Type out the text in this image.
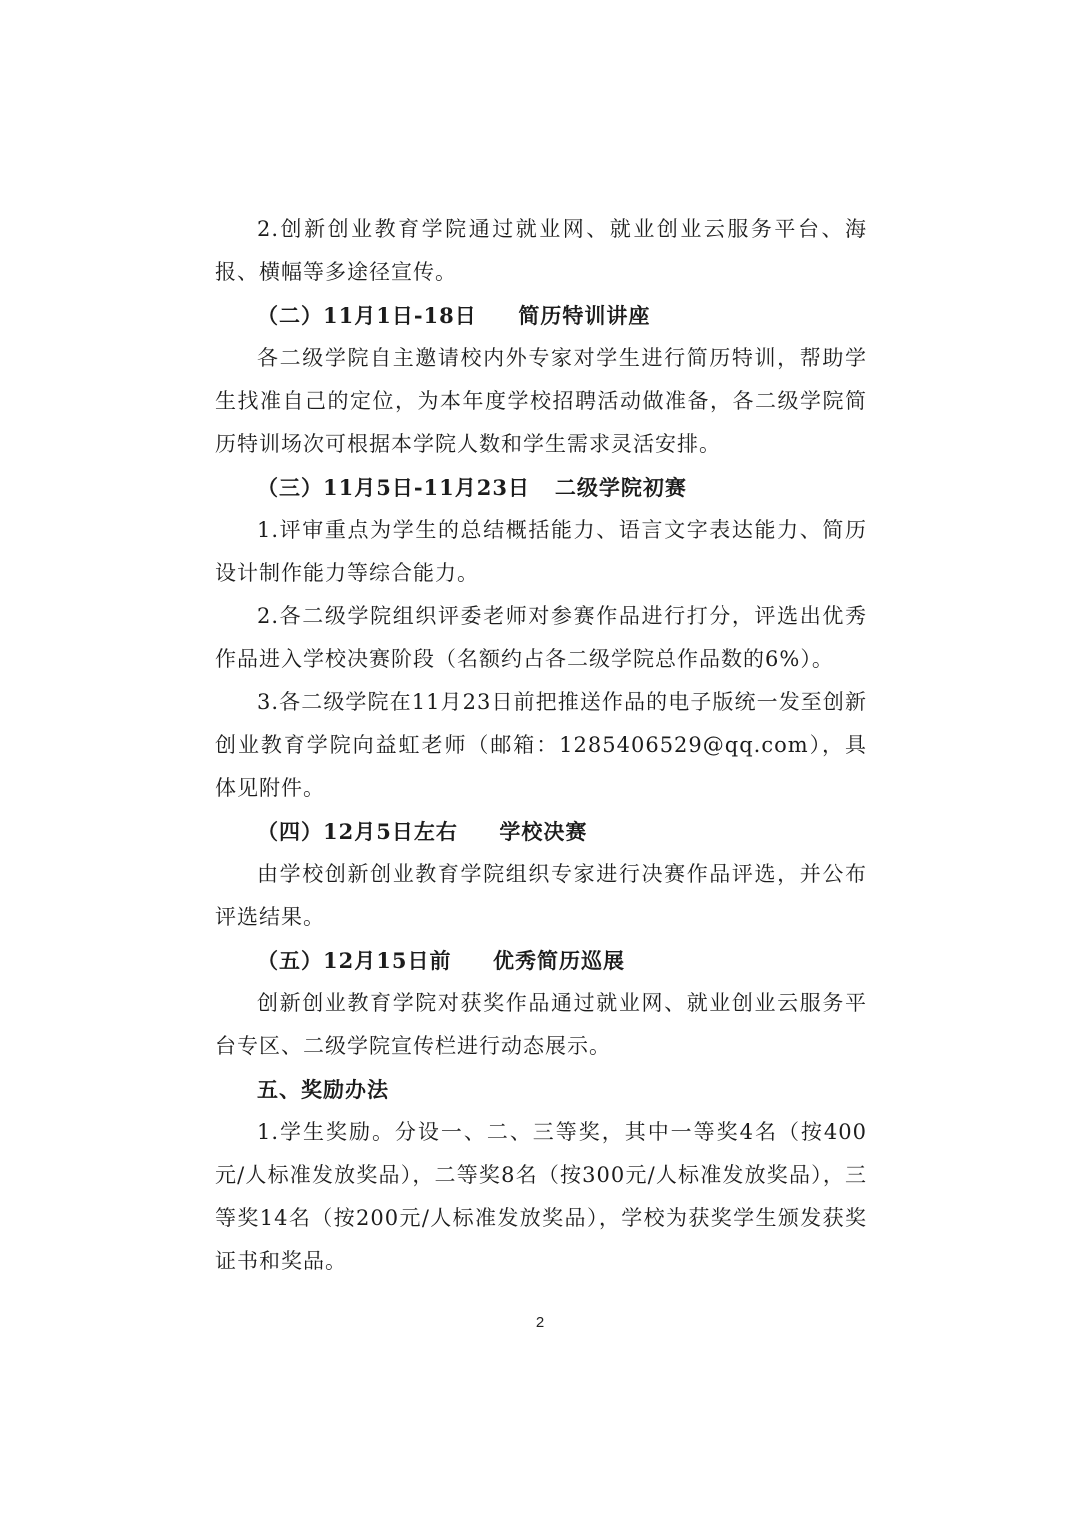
2.创新创业教育学院通过就业网、就业创业云服务平台、海报、横幅等多途径宣传。

（二）11月1日-18日     简历特训讲座

各二级学院自主邀请校内外专家对学生进行简历特训，帮助学生找准自己的定位，为本年度学校招聘活动做准备，各二级学院简历特训场次可根据本学院人数和学生需求灵活安排。

（三）11月5日-11月23日   二级学院初赛

1.评审重点为学生的总结概括能力、语言文字表达能力、简历设计制作能力等综合能力。

2.各二级学院组织评委老师对参赛作品进行打分，评选出优秀作品进入学校决赛阶段（名额约占各二级学院总作品数的6%）。

3.各二级学院在11月23日前把推送作品的电子版统一发至创新创业教育学院向益虹老师（邮箱：1285406529@qq.com），具体见附件。

（四）12月5日左右     学校决赛

由学校创新创业教育学院组织专家进行决赛作品评选，并公布评选结果。

（五）12月15日前     优秀简历巡展

创新创业教育学院对获奖作品通过就业网、就业创业云服务平台专区、二级学院宣传栏进行动态展示。

五、奖励办法

1.学生奖励。分设一、二、三等奖，其中一等奖4名（按400元/人标准发放奖品），二等奖8名（按300元/人标准发放奖品），三等奖14名（按200元/人标准发放奖品），学校为获奖学生颁发获奖证书和奖品。

2
